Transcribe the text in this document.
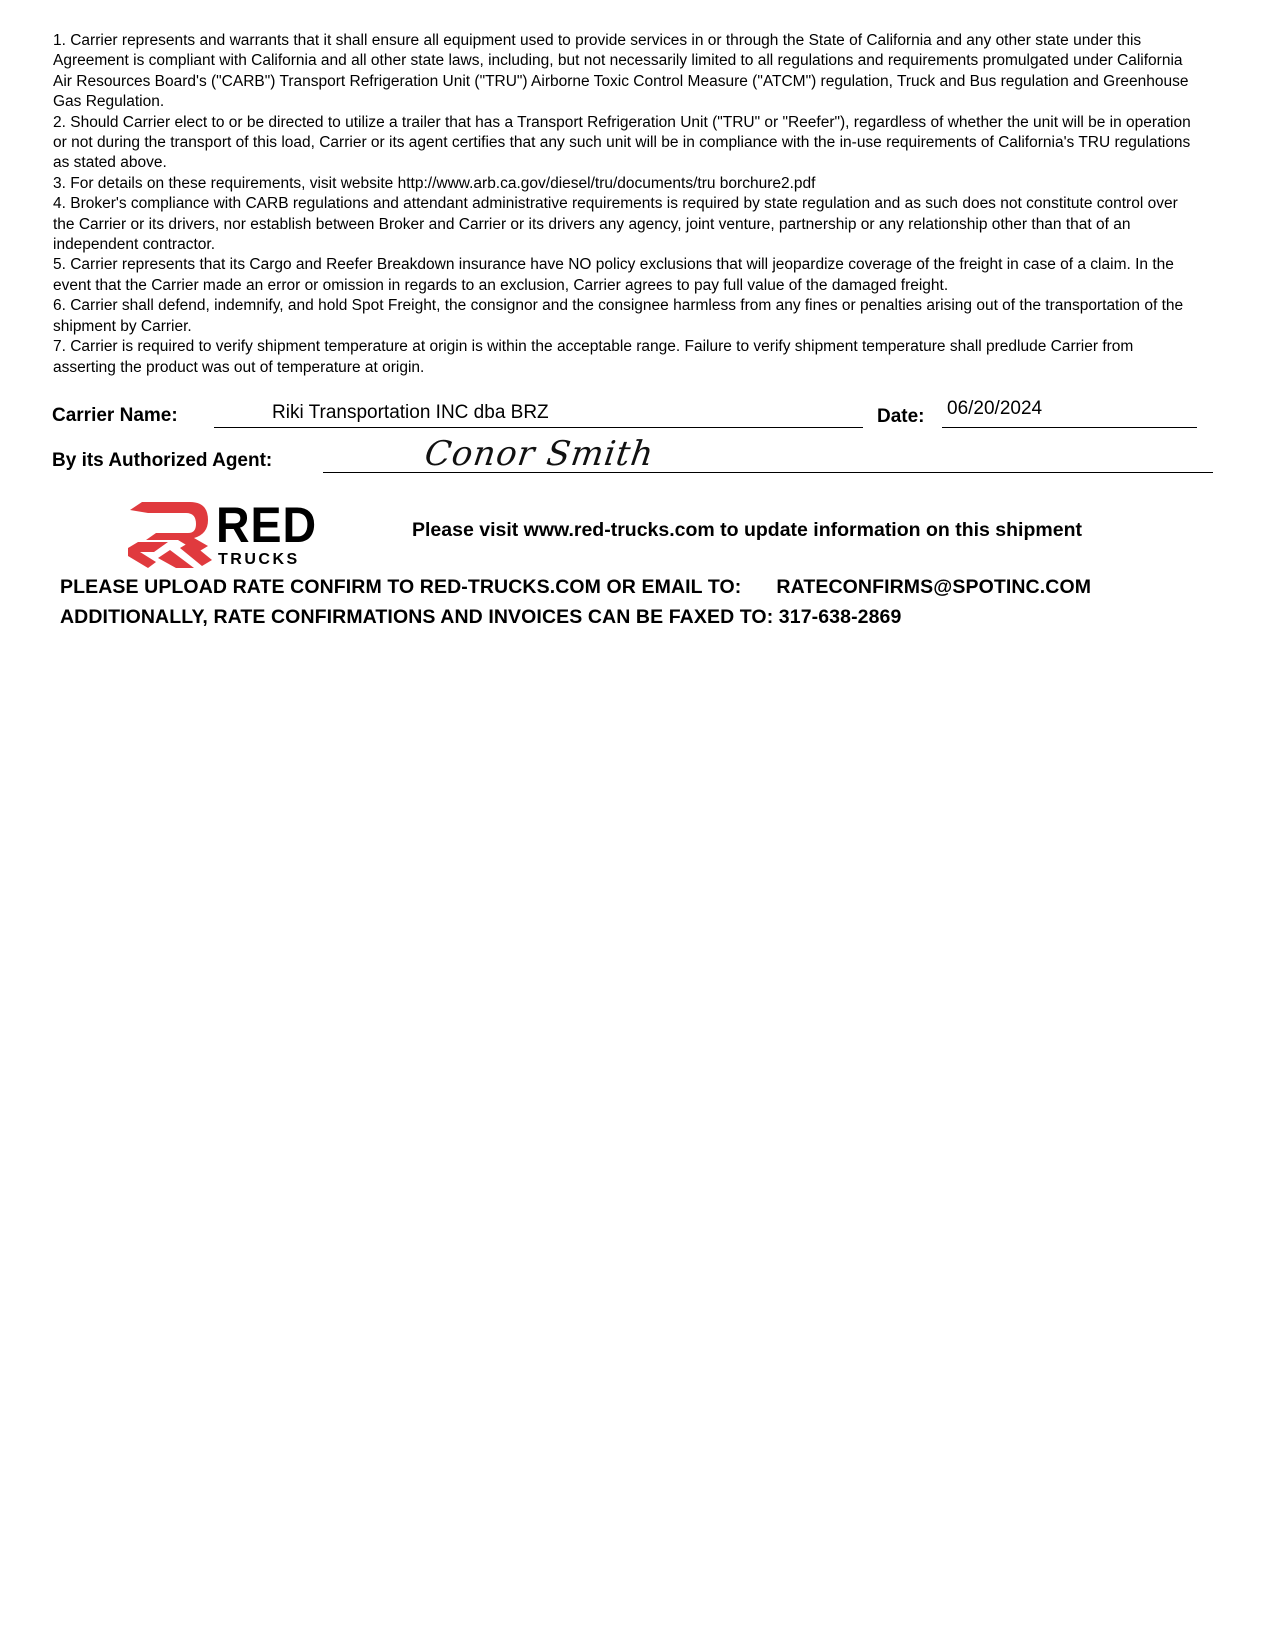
1. Carrier represents and warrants that it shall ensure all equipment used to provide services in or through the State of California and any other state under this Agreement is compliant with California and all other state laws, including, but not necessarily limited to all regulations and requirements promulgated under California Air Resources Board's ("CARB") Transport Refrigeration Unit ("TRU") Airborne Toxic Control Measure ("ATCM") regulation, Truck and Bus regulation and Greenhouse Gas Regulation.

2. Should Carrier elect to or be directed to utilize a trailer that has a Transport Refrigeration Unit ("TRU" or "Reefer"), regardless of whether the unit will be in operation or not during the transport of this load, Carrier or its agent certifies that any such unit will be in compliance with the in-use requirements of California's TRU regulations as stated above.

3. For details on these requirements, visit website http://www.arb.ca.gov/diesel/tru/documents/tru borchure2.pdf

4. Broker's compliance with CARB regulations and attendant administrative requirements is required by state regulation and as such does not constitute control over the Carrier or its drivers, nor establish between Broker and Carrier or its drivers any agency, joint venture, partnership or any relationship other than that of an independent contractor.

5. Carrier represents that its Cargo and Reefer Breakdown insurance have NO policy exclusions that will jeopardize coverage of the freight in case of a claim. In the event that the Carrier made an error or omission in regards to an exclusion, Carrier agrees to pay full value of the damaged freight.

6. Carrier shall defend, indemnify, and hold Spot Freight, the consignor and the consignee harmless from any fines or penalties arising out of the transportation of the shipment by Carrier.

7. Carrier is required to verify shipment temperature at origin is within the acceptable range. Failure to verify shipment temperature shall predlude Carrier from asserting the product was out of temperature at origin.

Carrier Name:	Riki Transportation INC dba BRZ	Date: 06/20/2024
By its Authorized Agent:	Conor Smith
RED
TRUCKS
Please visit www.red-trucks.com to update information on this shipment
PLEASE UPLOAD RATE CONFIRM TO RED-TRUCKS.COM OR EMAIL TO: RATECONFIRMS@SPOTINC.COM
ADDITIONALLY, RATE CONFIRMATIONS AND INVOICES CAN BE FAXED TO: 317-638-2869
